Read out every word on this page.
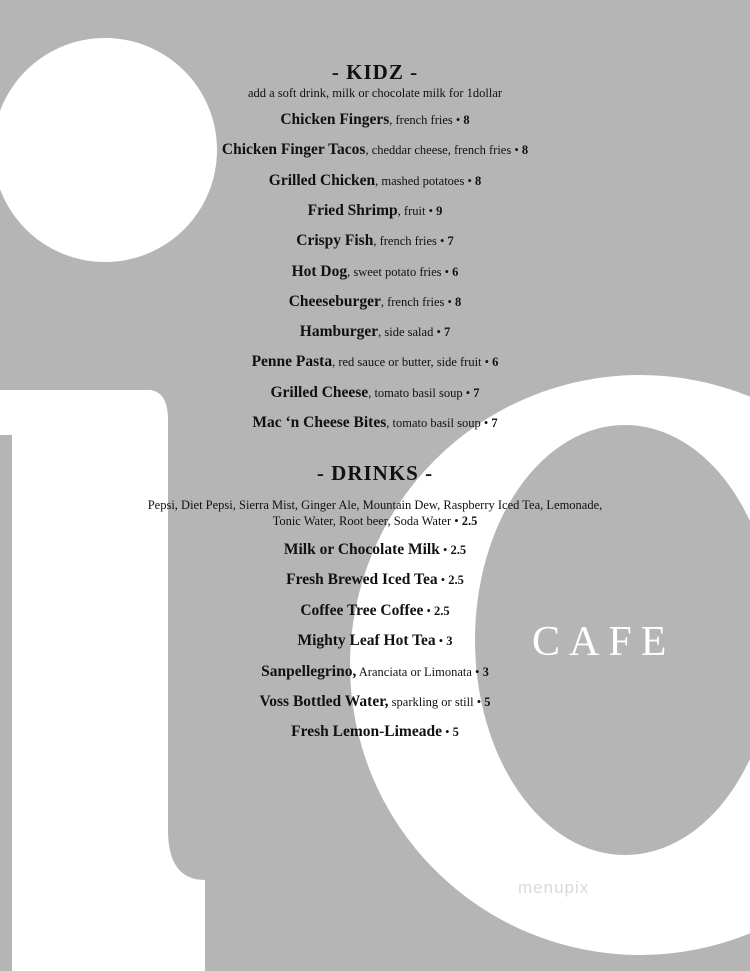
- KIDZ -
add a soft drink, milk or chocolate milk for 1dollar
Chicken Fingers, french fries • 8
Chicken Finger Tacos, cheddar cheese, french fries • 8
Grilled Chicken, mashed potatoes • 8
Fried Shrimp, fruit • 9
Crispy Fish, french fries • 7
Hot Dog, sweet potato fries • 6
Cheeseburger, french fries • 8
Hamburger, side salad • 7
Penne Pasta, red sauce or butter, side fruit • 6
Grilled Cheese, tomato basil soup • 7
Mac ‘n Cheese Bites, tomato basil soup • 7
- DRINKS -
Pepsi, Diet Pepsi, Sierra Mist, Ginger Ale, Mountain Dew, Raspberry Iced Tea, Lemonade,
Tonic Water, Root beer, Soda Water • 2.5
Milk or Chocolate Milk • 2.5
Fresh Brewed Iced Tea • 2.5
Coffee Tree Coffee • 2.5
Mighty Leaf Hot Tea • 3
Sanpellegrino, Aranciata or Limonata • 3
Voss Bottled Water, sparkling or still • 5
Fresh Lemon-Limeade • 5
CAFE
menupix
